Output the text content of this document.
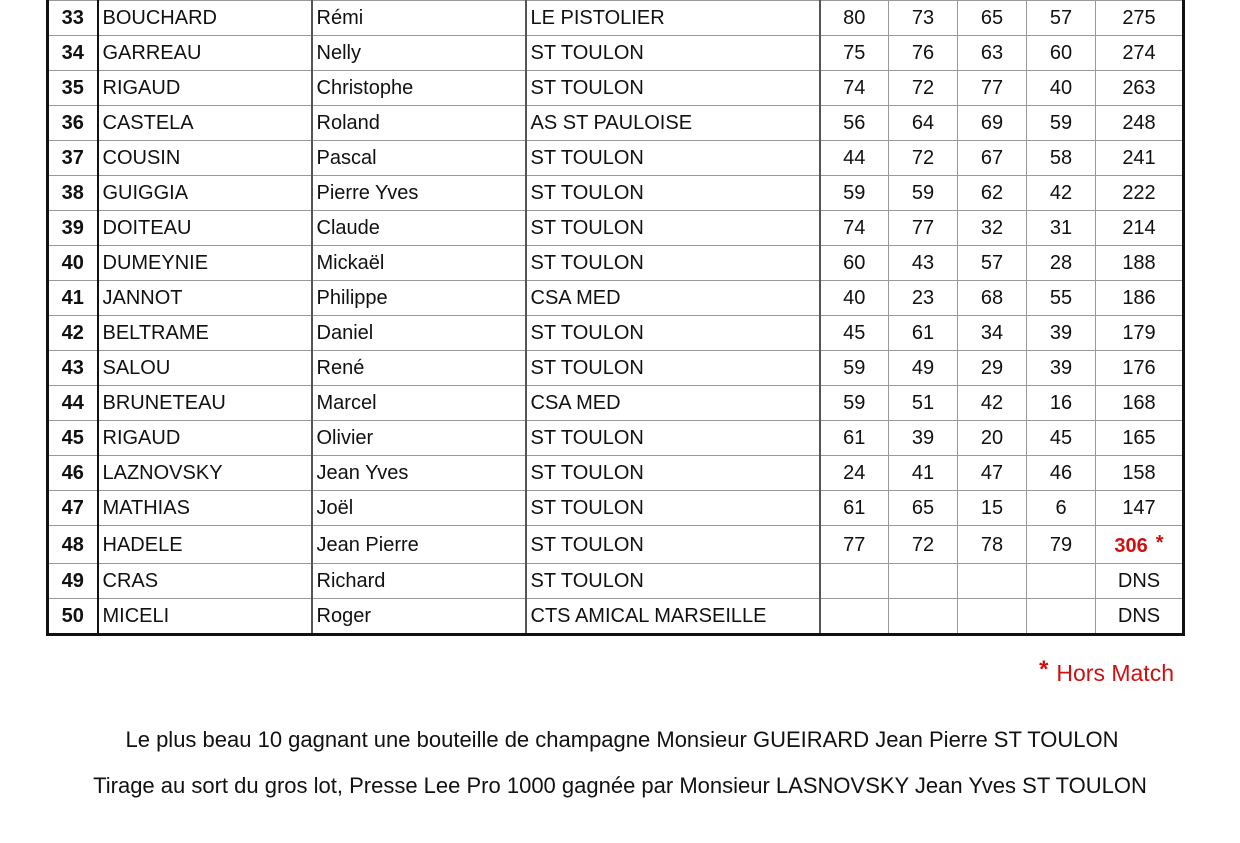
33	BOUCHARD	Rémi	LE PISTOLIER	80	73	65	57	275
34	GARREAU	Nelly	ST TOULON	75	76	63	60	274
35	RIGAUD	Christophe	ST TOULON	74	72	77	40	263
36	CASTELA	Roland	AS ST PAULOISE	56	64	69	59	248
37	COUSIN	Pascal	ST TOULON	44	72	67	58	241
38	GUIGGIA	Pierre Yves	ST TOULON	59	59	62	42	222
39	DOITEAU	Claude	ST TOULON	74	77	32	31	214
40	DUMEYNIE	Mickaël	ST TOULON	60	43	57	28	188
41	JANNOT	Philippe	CSA MED	40	23	68	55	186
42	BELTRAME	Daniel	ST TOULON	45	61	34	39	179
43	SALOU	René	ST TOULON	59	49	29	39	176
44	BRUNETEAU	Marcel	CSA MED	59	51	42	16	168
45	RIGAUD	Olivier	ST TOULON	61	39	20	45	165
46	LAZNOVSKY	Jean Yves	ST TOULON	24	41	47	46	158
47	MATHIAS	Joël	ST TOULON	61	65	15	6	147
48	HADELE	Jean Pierre	ST TOULON	77	72	78	79	306 *
49	CRAS	Richard	ST TOULON					DNS
50	MICELI	Roger	CTS AMICAL MARSEILLE					DNS
* Hors Match
Le plus beau 10 gagnant une bouteille de champagne Monsieur GUEIRARD Jean Pierre ST TOULON
Tirage au sort du gros lot, Presse Lee Pro 1000 gagnée par Monsieur LASNOVSKY Jean Yves ST TOULON
